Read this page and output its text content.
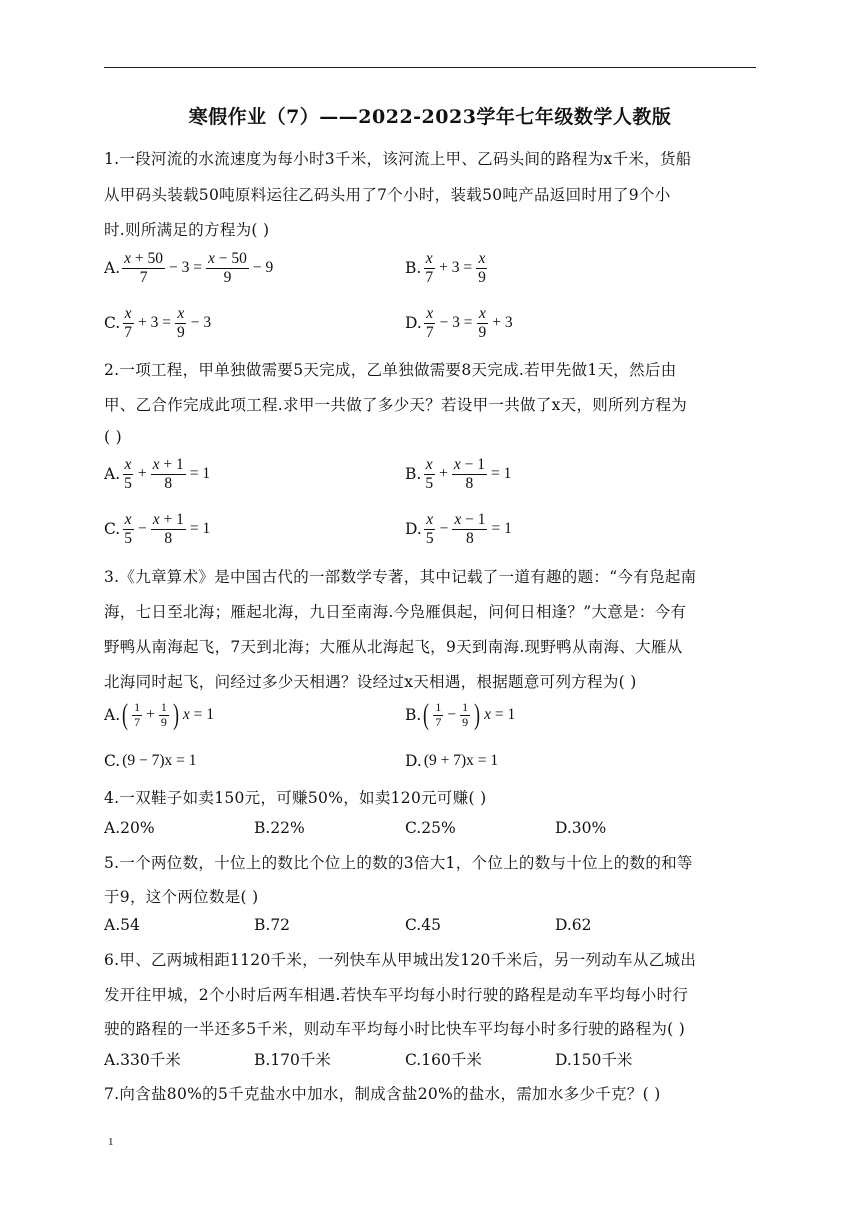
寒假作业（7）——2022-2023学年七年级数学人教版
1.一段河流的水流速度为每小时3千米，该河流上甲、乙码头间的路程为x千米，货船
从甲码头装载50吨原料运往乙码头用了7个小时，装载50吨产品返回时用了9个小
时.则所满足的方程为( )
A. $\frac{x + 50}{7} - 3 = \frac{x - 50}{9} - 9$	B. $\frac{x}{7} + 3 = \frac{x}{9}$
C. $\frac{x}{7} + 3 = \frac{x}{9} - 3$	D. $\frac{x}{7} - 3 = \frac{x}{9} + 3$
2.一项工程，甲单独做需要5天完成，乙单独做需要8天完成.若甲先做1天，然后由
甲、乙合作完成此项工程.求甲一共做了多少天？若设甲一共做了x天，则所列方程为
( )
A. $\frac{x}{5} + \frac{x + 1}{8} = 1$	B. $\frac{x}{5} + \frac{x - 1}{8} = 1$
C. $\frac{x}{5} - \frac{x + 1}{8} = 1$	D. $\frac{x}{5} - \frac{x - 1}{8} = 1$
3.《九章算术》是中国古代的一部数学专著，其中记载了一道有趣的题：“今有凫起南
海，七日至北海；雁起北海，九日至南海.今凫雁俱起，问何日相逢？”大意是：今有
野鸭从南海起飞，7天到北海；大雁从北海起飞，9天到南海.现野鸭从南海、大雁从
北海同时起飞，问经过多少天相遇？设经过x天相遇，根据题意可列方程为( )
A. ( $\frac{1}{7} + \frac{1}{9}$ ) x = 1	B. ( $\frac{1}{7} - \frac{1}{9}$ ) x = 1
C. (9 − 7)x = 1	D. (9 + 7)x = 1
4.一双鞋子如卖150元，可赚50%，如卖120元可赚( )
A.20%	B.22%	C.25%	D.30%
5.一个两位数，十位上的数比个位上的数的3倍大1，个位上的数与十位上的数的和等
于9，这个两位数是( )
A.54	B.72	C.45	D.62
6.甲、乙两城相距1120千米，一列快车从甲城出发120千米后，另一列动车从乙城出
发开往甲城，2个小时后两车相遇.若快车平均每小时行驶的路程是动车平均每小时行
驶的路程的一半还多5千米，则动车平均每小时比快车平均每小时多行驶的路程为( )
A.330千米	B.170千米	C.160千米	D.150千米
7.向含盐80%的5千克盐水中加水，制成含盐20%的盐水，需加水多少千克？( )
1
